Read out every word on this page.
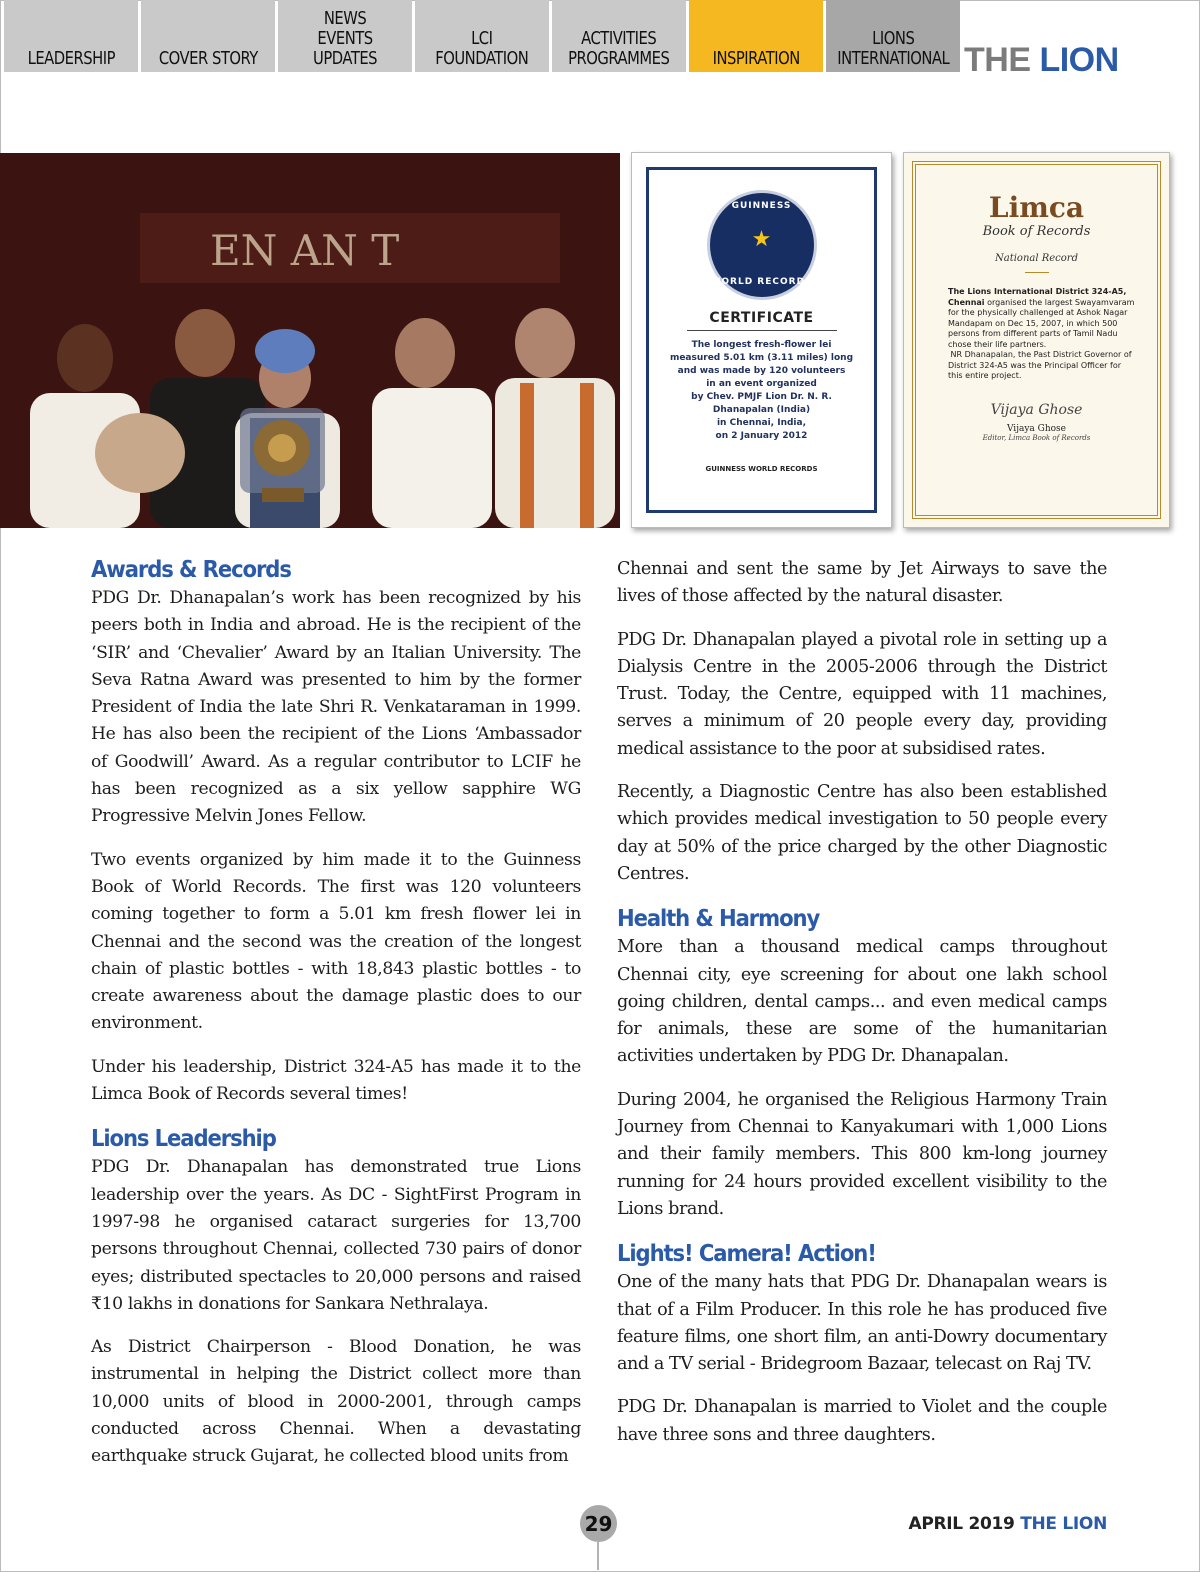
LEADERSHIP COVER STORY
NEWS
EVENTS
UPDATES
LCI
FOUNDATION
ACTIVITIES
PROGRAMMES INSPIRATION
LIONS
INTERNATIONAL THE LION
EN AN T
GUINNESS
★
WORLD RECORDS
CERTIFICATE
The longest fresh-flower lei
measured 5.01 km (3.11 miles) long
and was made by 120 volunteers
in an event organized
by Chev. PMJF Lion Dr. N. R.
Dhanapalan (India)
in Chennai, India,
on 2 January 2012
GUINNESS WORLD RECORDS
Limca
Book of Records
National Record
The Lions International District 324-A5, Chennai organised the largest Swayamvaram for the physically challenged at Ashok Nagar Mandapam on Dec 15, 2007, in which 500 persons from different parts of Tamil Nadu chose their life partners.
NR Dhanapalan, the Past District Governor of District 324-A5 was the Principal Officer for this entire project.
Vijaya Ghose
Vijaya Ghose
Editor, Limca Book of Records
Awards & Records

PDG Dr. Dhanapalan’s work has been recognized by his peers both in India and abroad. He is the recipient of the ‘SIR’ and ‘Chevalier’ Award by an Italian University. The Seva Ratna Award was presented to him by the former President of India the late Shri R. Venkataraman in 1999. He has also been the recipient of the Lions ‘Ambassador of Goodwill’ Award. As a regular contributor to LCIF he has been recognized as a six yellow sapphire WG Progressive Melvin Jones Fellow.

Two events organized by him made it to the Guinness Book of World Records. The first was 120 volunteers coming together to form a 5.01 km fresh flower lei in Chennai and the second was the creation of the longest chain of plastic bottles - with 18,843 plastic bottles - to create awareness about the damage plastic does to our environment.

Under his leadership, District 324-A5 has made it to the Limca Book of Records several times!

Lions Leadership

PDG Dr. Dhanapalan has demonstrated true Lions leadership over the years. As DC - SightFirst Program in 1997-98 he organised cataract surgeries for 13,700 persons throughout Chennai, collected 730 pairs of donor eyes; distributed spectacles to 20,000 persons and raised ₹10 lakhs in donations for Sankara Nethralaya.

As District Chairperson - Blood Donation, he was instrumental in helping the District collect more than 10,000 units of blood in 2000-2001, through camps conducted across Chennai. When a devastating earthquake struck Gujarat, he collected blood units from

Chennai and sent the same by Jet Airways to save the lives of those affected by the natural disaster.

PDG Dr. Dhanapalan played a pivotal role in setting up a Dialysis Centre in the 2005-2006 through the District Trust. Today, the Centre, equipped with 11 machines, serves a minimum of 20 people every day, providing medical assistance to the poor at subsidised rates.

Recently, a Diagnostic Centre has also been established which provides medical investigation to 50 people every day at 50% of the price charged by the other Diagnostic Centres.

Health & Harmony

More than a thousand medical camps throughout Chennai city, eye screening for about one lakh school going children, dental camps... and even medical camps for animals, these are some of the humanitarian activities undertaken by PDG Dr. Dhanapalan.

During 2004, he organised the Religious Harmony Train Journey from Chennai to Kanyakumari with 1,000 Lions and their family members. This 800 km-long journey running for 24 hours provided excellent visibility to the Lions brand.

Lights! Camera! Action!

One of the many hats that PDG Dr. Dhanapalan wears is that of a Film Producer. In this role he has produced five feature films, one short film, an anti-Dowry documentary and a TV serial - Bridegroom Bazaar, telecast on Raj TV.

PDG Dr. Dhanapalan is married to Violet and the couple have three sons and three daughters.

29	APRIL 2019 THE LION
